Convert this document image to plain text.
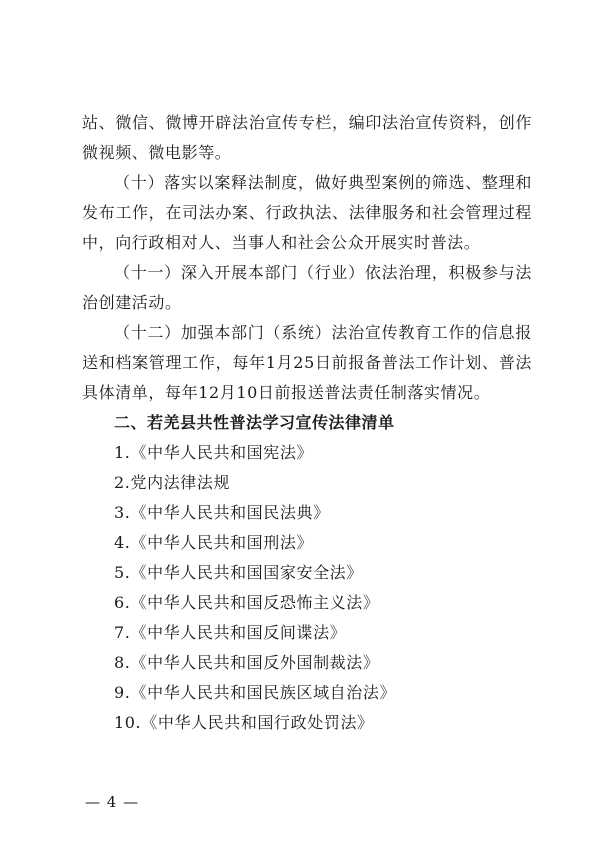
站、微信、微博开辟法治宣传专栏，编印法治宣传资料，创作微视频、微电影等。

（十）落实以案释法制度，做好典型案例的筛选、整理和发布工作，在司法办案、行政执法、法律服务和社会管理过程中，向行政相对人、当事人和社会公众开展实时普法。

（十一）深入开展本部门（行业）依法治理，积极参与法治创建活动。

（十二）加强本部门（系统）法治宣传教育工作的信息报送和档案管理工作，每年1月25日前报备普法工作计划、普法具体清单，每年12月10日前报送普法责任制落实情况。

二、若羌县共性普法学习宣传法律清单

1.《中华人民共和国宪法》

2.党内法律法规

3.《中华人民共和国民法典》

4.《中华人民共和国刑法》

5.《中华人民共和国国家安全法》

6.《中华人民共和国反恐怖主义法》

7.《中华人民共和国反间谍法》

8.《中华人民共和国反外国制裁法》

9.《中华人民共和国民族区域自治法》

10.《中华人民共和国行政处罚法》

— 4 —
